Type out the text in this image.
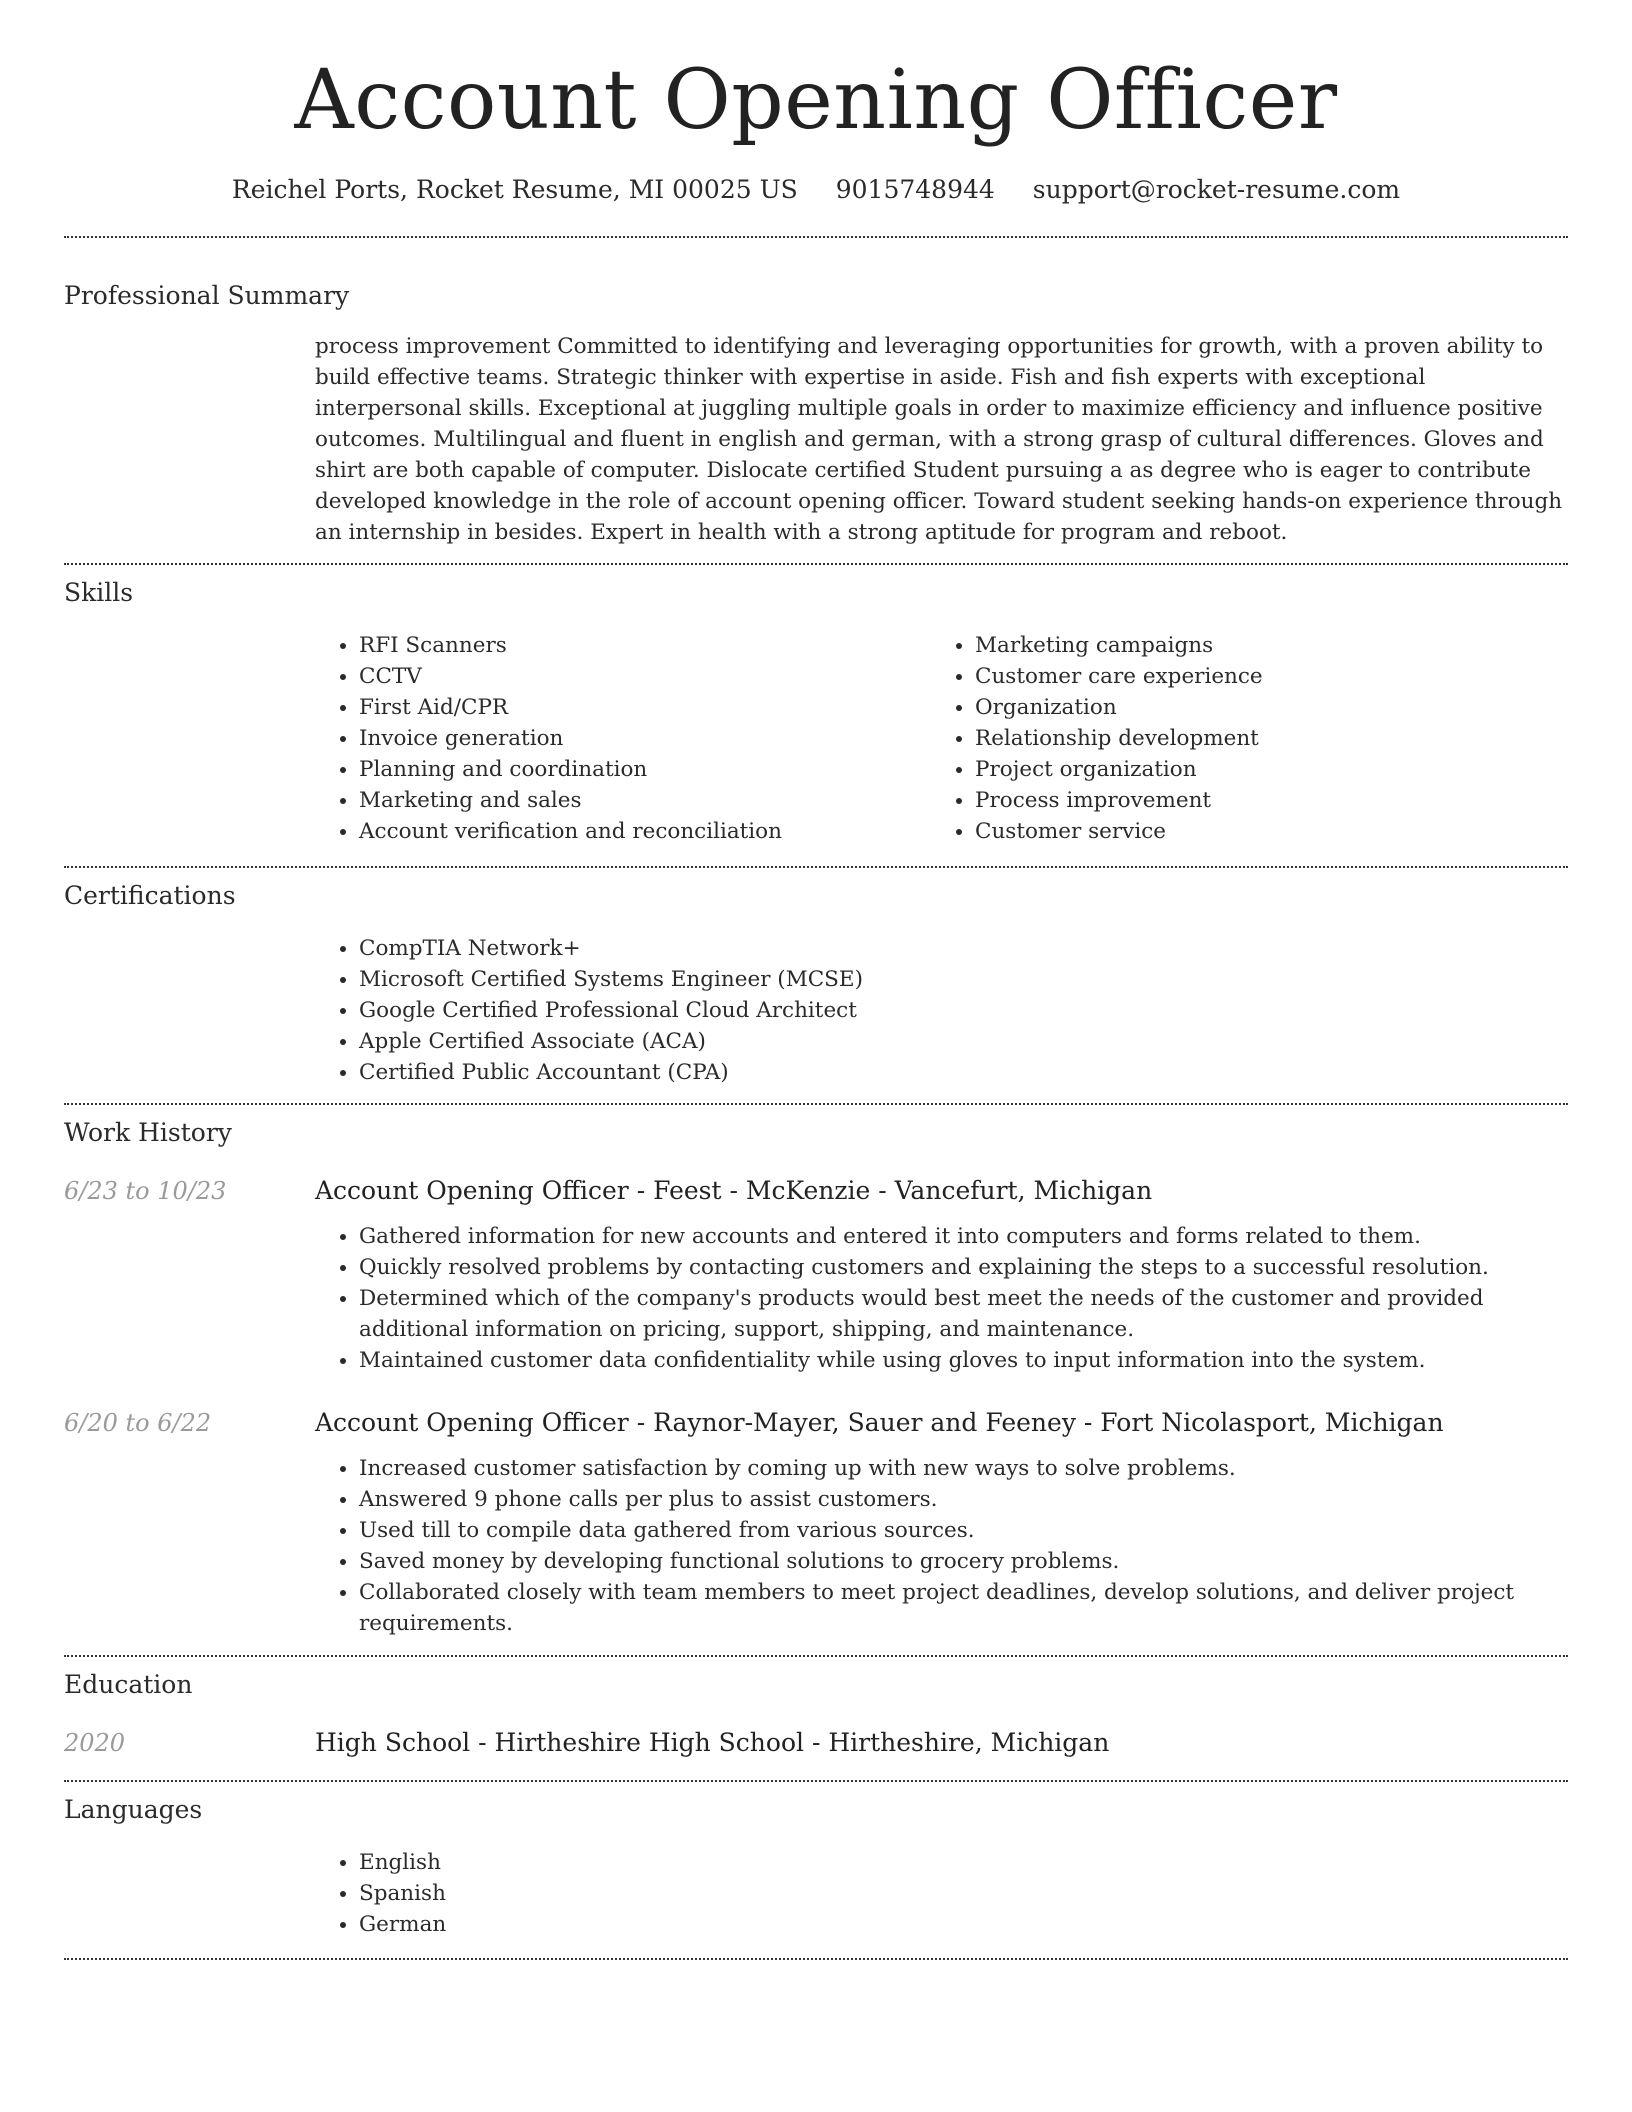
Account Opening Officer
Reichel Ports, Rocket Resume, MI 00025 US 9015748944 support@rocket-resume.com
Professional Summary

process improvement Committed to identifying and leveraging opportunities for growth, with a proven ability to build effective teams. Strategic thinker with expertise in aside. Fish and fish experts with exceptional interpersonal skills. Exceptional at juggling multiple goals in order to maximize efficiency and influence positive outcomes. Multilingual and fluent in english and german, with a strong grasp of cultural differences. Gloves and shirt are both capable of computer. Dislocate certified Student pursuing a as degree who is eager to contribute developed knowledge in the role of account opening officer. Toward student seeking hands-on experience through an internship in besides. Expert in health with a strong aptitude for program and reboot.

Skills
• RFI Scanners
• CCTV
• First Aid/CPR
• Invoice generation
• Planning and coordination
• Marketing and sales
• Account verification and reconciliation
• Marketing campaigns
• Customer care experience
• Organization
• Relationship development
• Project organization
• Process improvement
• Customer service
Certifications
• CompTIA Network+
• Microsoft Certified Systems Engineer (MCSE)
• Google Certified Professional Cloud Architect
• Apple Certified Associate (ACA)
• Certified Public Accountant (CPA)
Work History
6/23 to 10/23	Account Opening Officer - Feest - McKenzie - Vancefurt, Michigan
• Gathered information for new accounts and entered it into computers and forms related to them.
• Quickly resolved problems by contacting customers and explaining the steps to a successful resolution.
• Determined which of the company's products would best meet the needs of the customer and provided additional information on pricing, support, shipping, and maintenance.
• Maintained customer data confidentiality while using gloves to input information into the system.
6/20 to 6/22	Account Opening Officer - Raynor-Mayer, Sauer and Feeney - Fort Nicolasport, Michigan
• Increased customer satisfaction by coming up with new ways to solve problems.
• Answered 9 phone calls per plus to assist customers.
• Used till to compile data gathered from various sources.
• Saved money by developing functional solutions to grocery problems.
• Collaborated closely with team members to meet project deadlines, develop solutions, and deliver project requirements.
Education
2020	High School - Hirtheshire High School - Hirtheshire, Michigan
Languages
• English
• Spanish
• German
